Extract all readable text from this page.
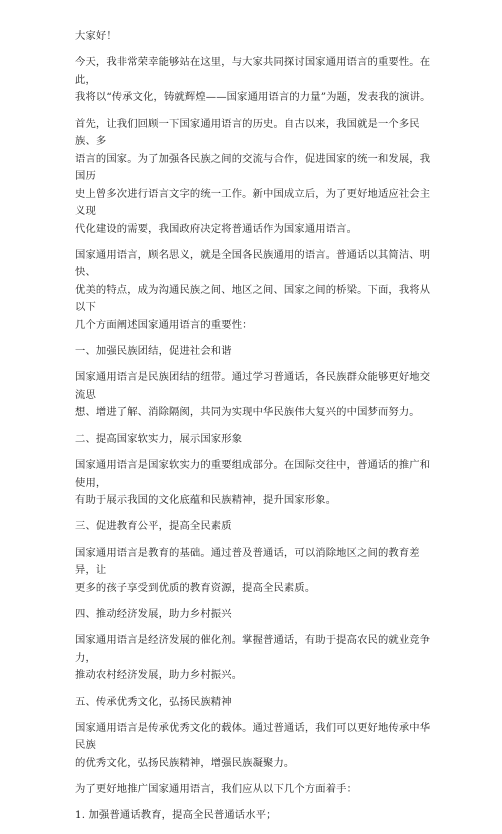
大家好！

今天，我非常荣幸能够站在这里，与大家共同探讨国家通用语言的重要性。在此，
我将以“传承文化，铸就辉煌——国家通用语言的力量”为题，发表我的演讲。

首先，让我们回顾一下国家通用语言的历史。自古以来，我国就是一个多民族、多
语言的国家。为了加强各民族之间的交流与合作，促进国家的统一和发展，我国历
史上曾多次进行语言文字的统一工作。新中国成立后，为了更好地适应社会主义现
代化建设的需要，我国政府决定将普通话作为国家通用语言。

国家通用语言，顾名思义，就是全国各民族通用的语言。普通话以其简洁、明快、
优美的特点，成为沟通民族之间、地区之间、国家之间的桥梁。下面，我将从以下
几个方面阐述国家通用语言的重要性：

一、加强民族团结，促进社会和谐

国家通用语言是民族团结的纽带。通过学习普通话，各民族群众能够更好地交流思
想、增进了解、消除隔阂，共同为实现中华民族伟大复兴的中国梦而努力。

二、提高国家软实力，展示国家形象

国家通用语言是国家软实力的重要组成部分。在国际交往中，普通话的推广和使用，
有助于展示我国的文化底蕴和民族精神，提升国家形象。

三、促进教育公平，提高全民素质

国家通用语言是教育的基础。通过普及普通话，可以消除地区之间的教育差异，让
更多的孩子享受到优质的教育资源，提高全民素质。

四、推动经济发展，助力乡村振兴

国家通用语言是经济发展的催化剂。掌握普通话，有助于提高农民的就业竞争力，
推动农村经济发展，助力乡村振兴。

五、传承优秀文化，弘扬民族精神

国家通用语言是传承优秀文化的载体。通过普通话，我们可以更好地传承中华民族
的优秀文化，弘扬民族精神，增强民族凝聚力。

为了更好地推广国家通用语言，我们应从以下几个方面着手：

1. 加强普通话教育，提高全民普通话水平；
